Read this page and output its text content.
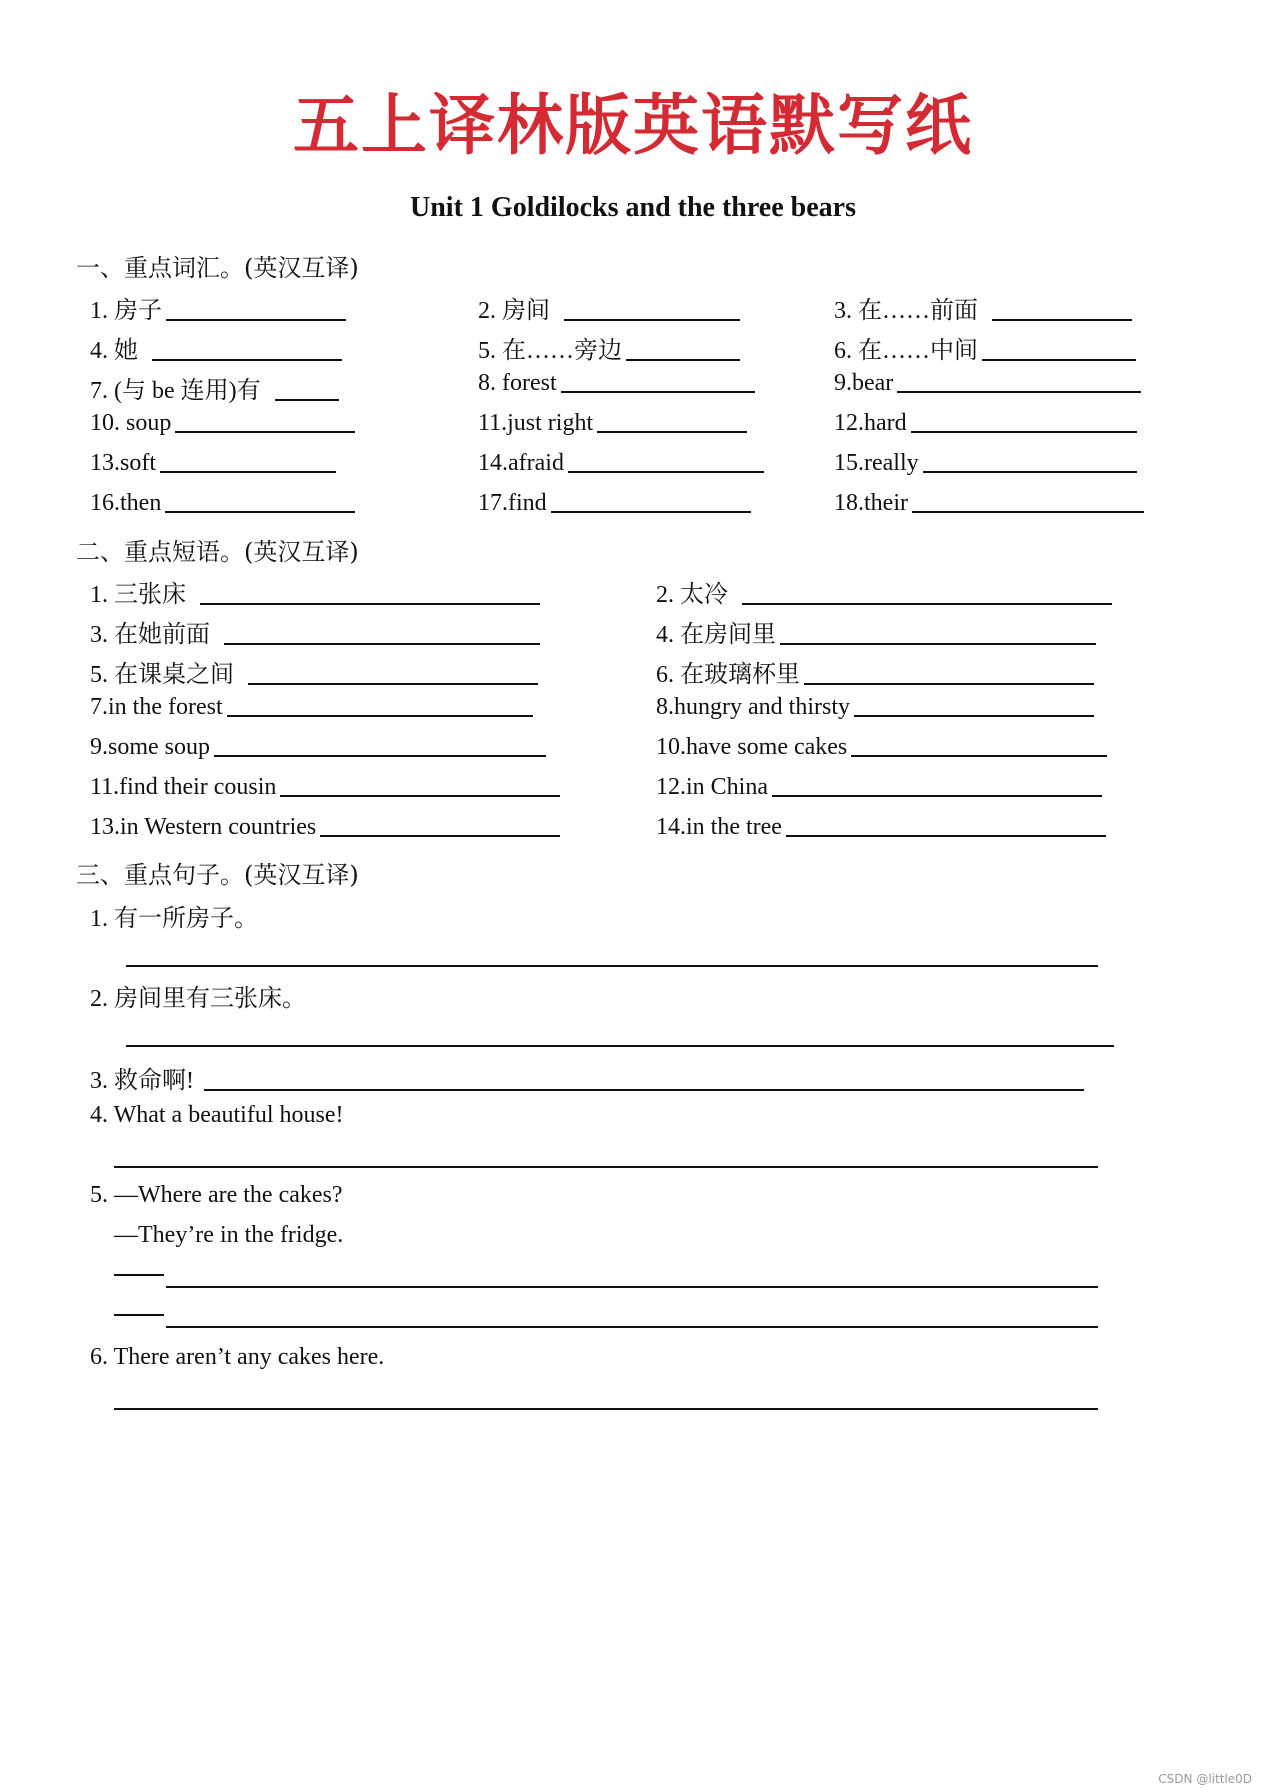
五上译林版英语默写纸
Unit 1 Goldilocks and the three bears
一、重点词汇。(英汉互译)
1. 房子	2. 房间	3. 在……前面
4. 她	5. 在……旁边	6. 在……中间
7. (与 be 连用)有	8. forest	9.bear
10. soup	11.just right	12.hard
13.soft	14.afraid	15.really
16.then	17.find	18.their
二、重点短语。(英汉互译)
1. 三张床	2. 太冷
3. 在她前面	4. 在房间里
5. 在课桌之间	6. 在玻璃杯里
7.in the forest	8.hungry and thirsty
9.some soup	10.have some cakes
11.find their cousin	12.in China
13.in Western countries	14.in the tree
三、重点句子。(英汉互译)
1. 有一所房子。
2. 房间里有三张床。
3. 救命啊!
4. What a beautiful house!
5. —Where are the cakes?
—They’re in the fridge.
6. There aren’t any cakes here.
CSDN @little0D
